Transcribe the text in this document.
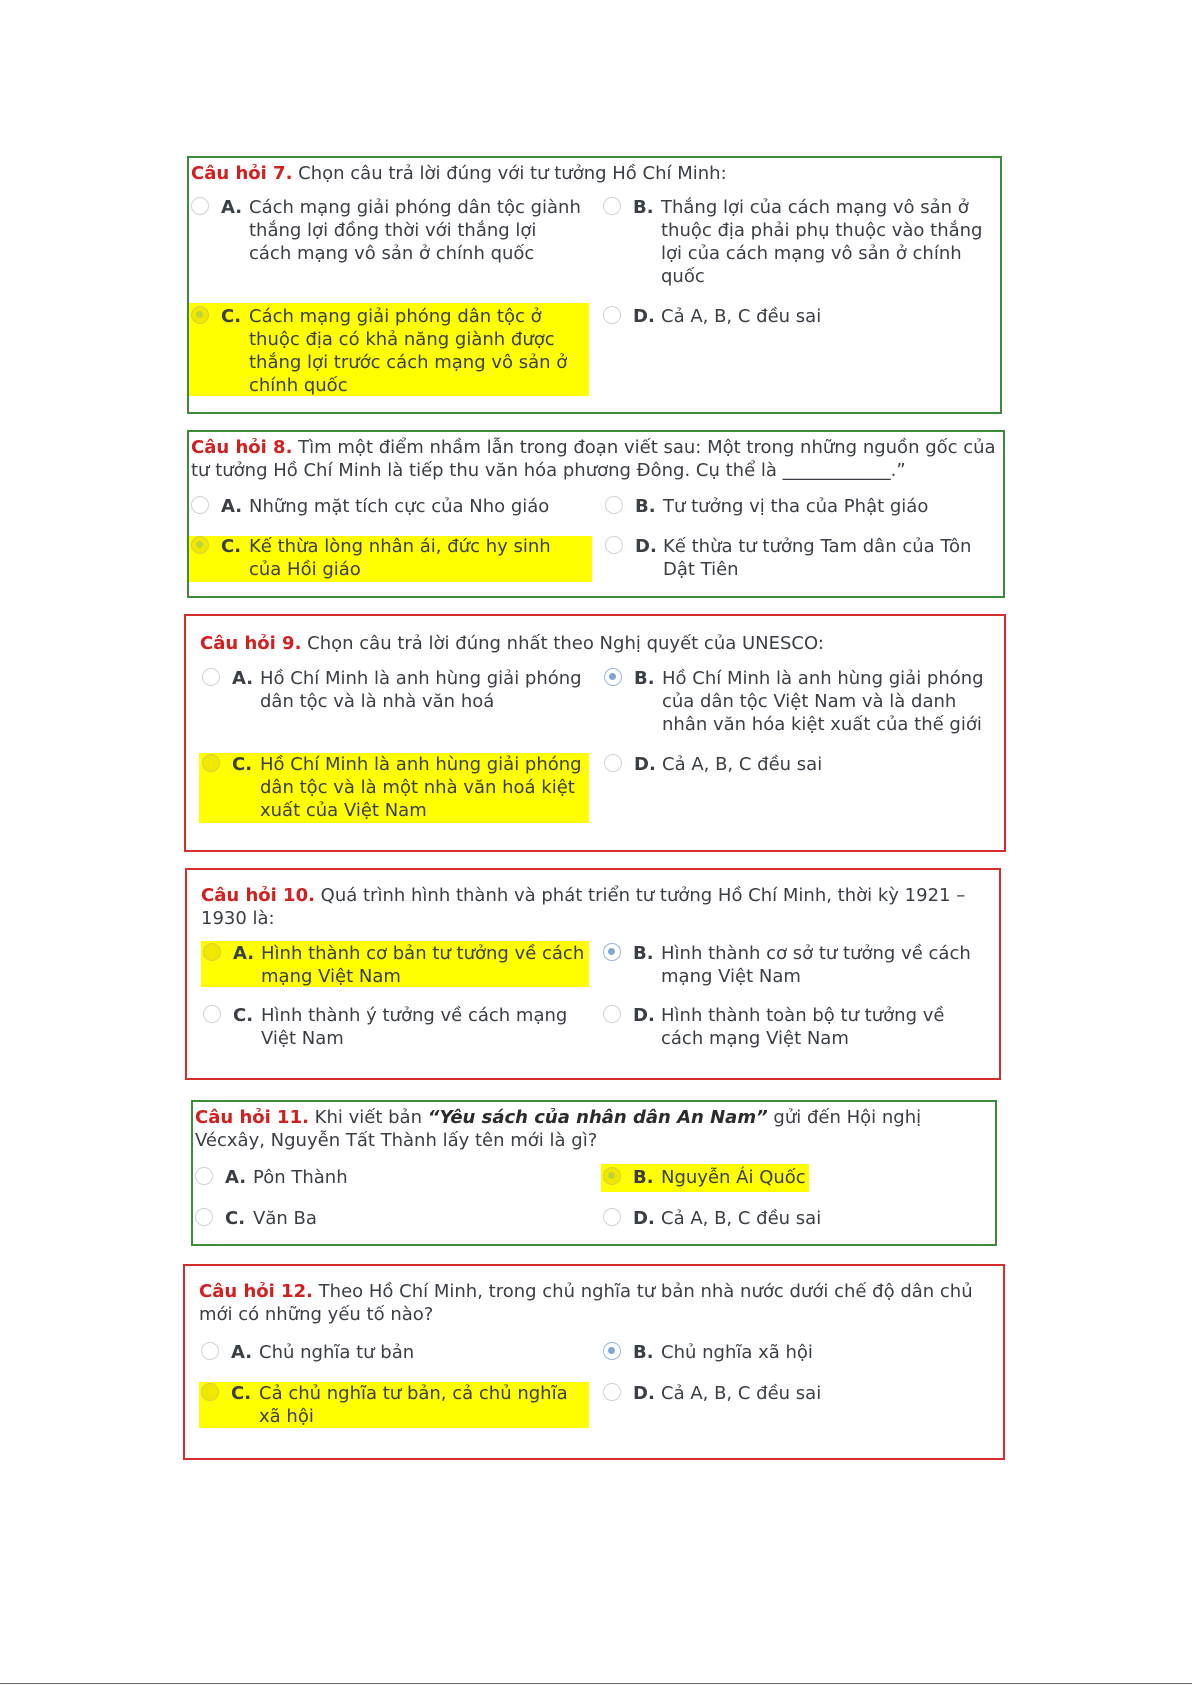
Câu hỏi 7. Chọn câu trả lời đúng với tư tưởng Hồ Chí Minh:
A. Cách mạng giải phóng dân tộc giành thắng lợi đồng thời với thắng lợi cách mạng vô sản ở chính quốc
B. Thắng lợi của cách mạng vô sản ở thuộc địa phải phụ thuộc vào thắng lợi của cách mạng vô sản ở chính quốc
C. Cách mạng giải phóng dân tộc ở thuộc địa có khả năng giành được thắng lợi trước cách mạng vô sản ở chính quốc
D. Cả A, B, C đều sai
Câu hỏi 8. Tìm một điểm nhầm lẫn trong đoạn viết sau: Một trong những nguồn gốc của tư tưởng Hồ Chí Minh là tiếp thu văn hóa phương Đông. Cụ thể là ____________.”
A. Những mặt tích cực của Nho giáo	B. Tư tưởng vị tha của Phật giáo
C. Kế thừa lòng nhân ái, đức hy sinh của Hồi giáo
D. Kế thừa tư tưởng Tam dân của Tôn Dật Tiên
Câu hỏi 9. Chọn câu trả lời đúng nhất theo Nghị quyết của UNESCO:
A. Hồ Chí Minh là anh hùng giải phóng dân tộc và là nhà văn hoá
B. Hồ Chí Minh là anh hùng giải phóng của dân tộc Việt Nam và là danh nhân văn hóa kiệt xuất của thế giới
C. Hồ Chí Minh là anh hùng giải phóng dân tộc và là một nhà văn hoá kiệt xuất của Việt Nam
D. Cả A, B, C đều sai
Câu hỏi 10. Quá trình hình thành và phát triển tư tưởng Hồ Chí Minh, thời kỳ 1921 – 1930 là:
A. Hình thành cơ bản tư tưởng về cách mạng Việt Nam
B. Hình thành cơ sở tư tưởng về cách mạng Việt Nam
C. Hình thành ý tưởng về cách mạng Việt Nam
D. Hình thành toàn bộ tư tưởng về cách mạng Việt Nam
Câu hỏi 11. Khi viết bản “Yêu sách của nhân dân An Nam” gửi đến Hội nghị Vécxây, Nguyễn Tất Thành lấy tên mới là gì?
A. Pôn Thành	B. Nguyễn Ái Quốc
C. Văn Ba	D. Cả A, B, C đều sai
Câu hỏi 12. Theo Hồ Chí Minh, trong chủ nghĩa tư bản nhà nước dưới chế độ dân chủ mới có những yếu tố nào?
A. Chủ nghĩa tư bản	B. Chủ nghĩa xã hội
C. Cả chủ nghĩa tư bản, cả chủ nghĩa xã hội
D. Cả A, B, C đều sai
